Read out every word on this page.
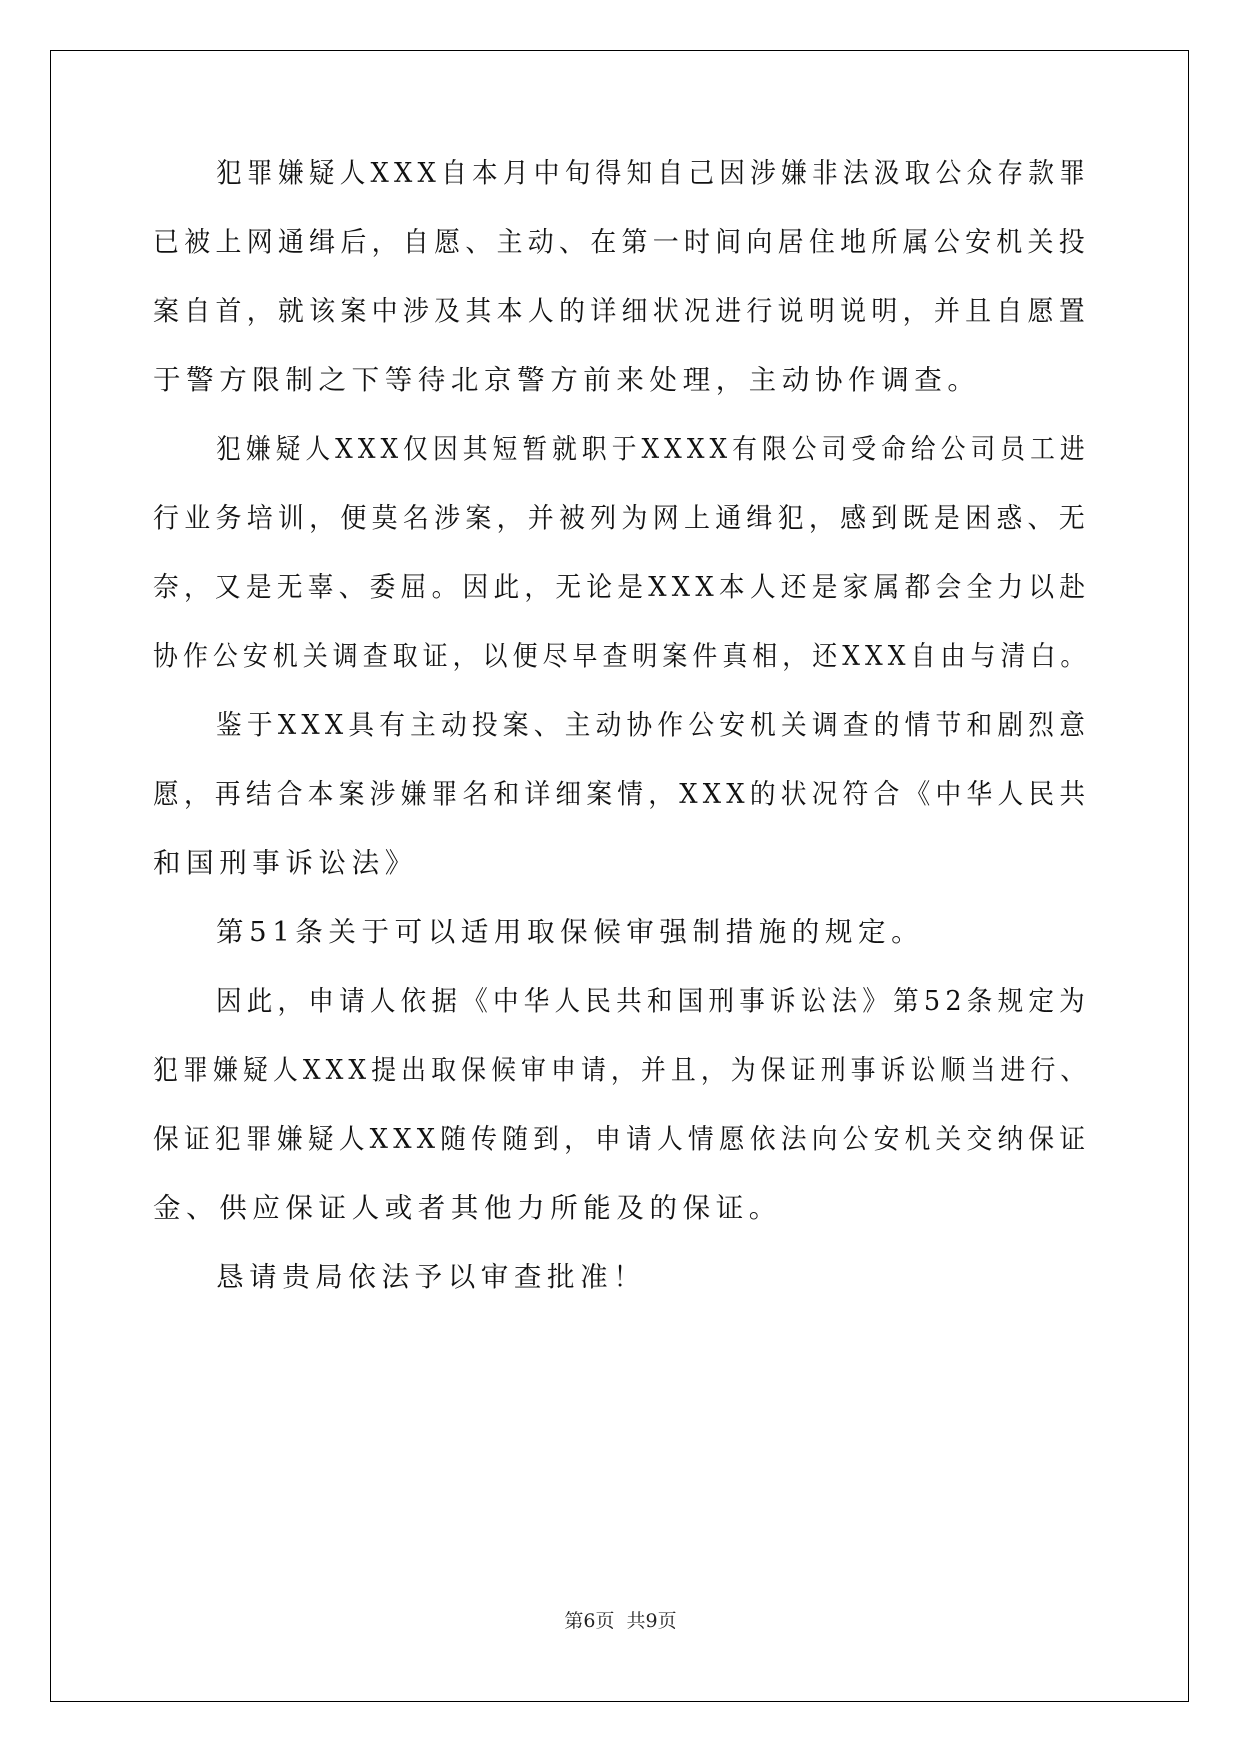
犯罪嫌疑人XXX自本月中旬得知自己因涉嫌非法汲取公众存款罪

已被上网通缉后，自愿、主动、在第一时间向居住地所属公安机关投

案自首，就该案中涉及其本人的详细状况进行说明说明，并且自愿置

于警方限制之下等待北京警方前来处理，主动协作调查。

犯嫌疑人XXX仅因其短暂就职于XXXX有限公司受命给公司员工进

行业务培训，便莫名涉案，并被列为网上通缉犯，感到既是困惑、无

奈，又是无辜、委屈。因此，无论是XXX本人还是家属都会全力以赴

协作公安机关调查取证，以便尽早查明案件真相，还XXX自由与清白。

鉴于XXX具有主动投案、主动协作公安机关调查的情节和剧烈意

愿，再结合本案涉嫌罪名和详细案情，XXX的状况符合《中华人民共

和国刑事诉讼法》

第51条关于可以适用取保候审强制措施的规定。

因此，申请人依据《中华人民共和国刑事诉讼法》第52条规定为

犯罪嫌疑人XXX提出取保候审申请，并且，为保证刑事诉讼顺当进行、

保证犯罪嫌疑人XXX随传随到，申请人情愿依法向公安机关交纳保证

金、供应保证人或者其他力所能及的保证。

恳请贵局依法予以审查批准！

第6页  共9页
